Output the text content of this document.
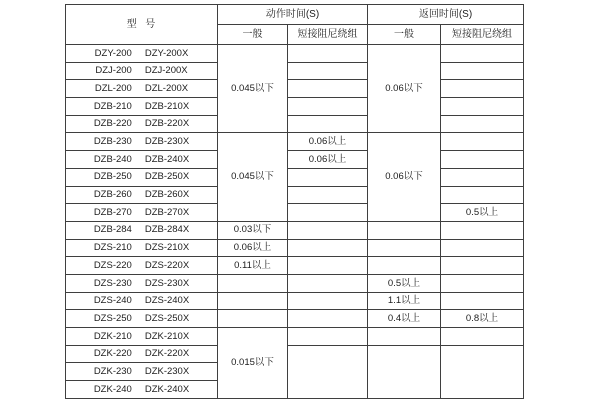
型  号	动作时间(S)		返回时间(S)	
	一般	短接阻尼绕组	一般	短接阻尼绕组

DZY-200 DZY-200X	0.045以下		0.06以下	

DZJ-200 DZJ-200X				

DZL-200 DZL-200X				

DZB-210 DZB-210X				

DZB-220 DZB-220X				

DZB-230 DZB-230X	0.045以下	0.06以上	0.06以下	

DZB-240 DZB-240X		0.06以上		

DZB-250 DZB-250X				

DZB-260 DZB-260X				

DZB-270 DZB-270X				0.5以上

DZB-284 DZB-284X	0.03以下			

DZS-210 DZS-210X	0.06以上			

DZS-220 DZS-220X	0.11以上			

DZS-230 DZS-230X			0.5以上	

DZS-240 DZS-240X			1.1以上	

DZS-250 DZS-250X			0.4以上	0.8以上

DZK-210 DZK-210X	0.015以下			

DZK-220 DZK-220X				

DZK-230 DZK-230X				

DZK-240 DZK-240X				
